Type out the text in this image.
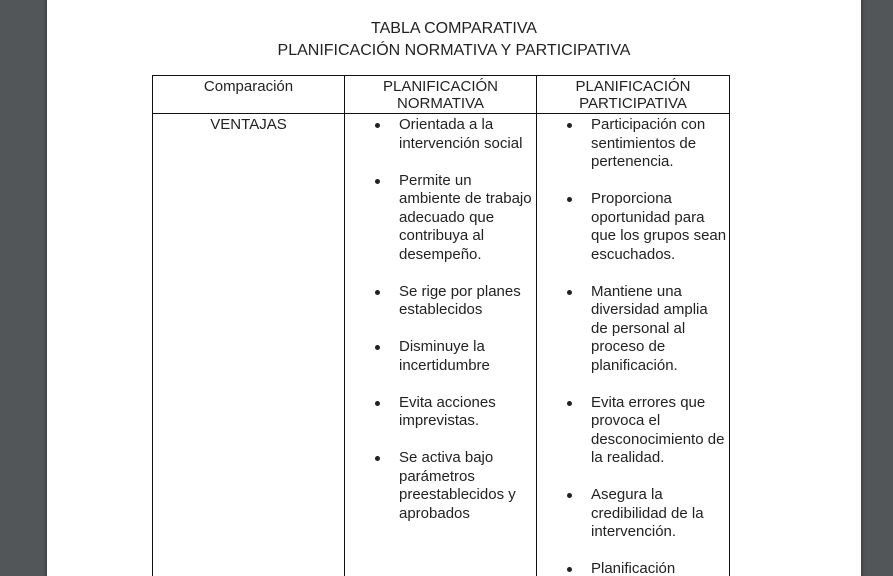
TABLA COMPARATIVA
PLANIFICACIÓN NORMATIVA Y PARTICIPATIVA
Comparación	PLANIFICACIÓN
NORMATIVA
PLANIFICACIÓN
PARTICIPATIVA
VENTAJAS	Orientada a la intervención social
Permite un ambiente de trabajo adecuado que contribuya al desempeño.
Se rige por planes establecidos
Disminuye la incertidumbre
Evita acciones imprevistas.
Se activa bajo parámetros preestablecidos y aprobados
Participación con sentimientos de pertenencia.
Proporciona oportunidad para que los grupos sean escuchados.
Mantiene una diversidad amplia de personal al proceso de planificación.
Evita errores que provoca el desconocimiento de la realidad.
Asegura la credibilidad de la intervención.
Planificación
